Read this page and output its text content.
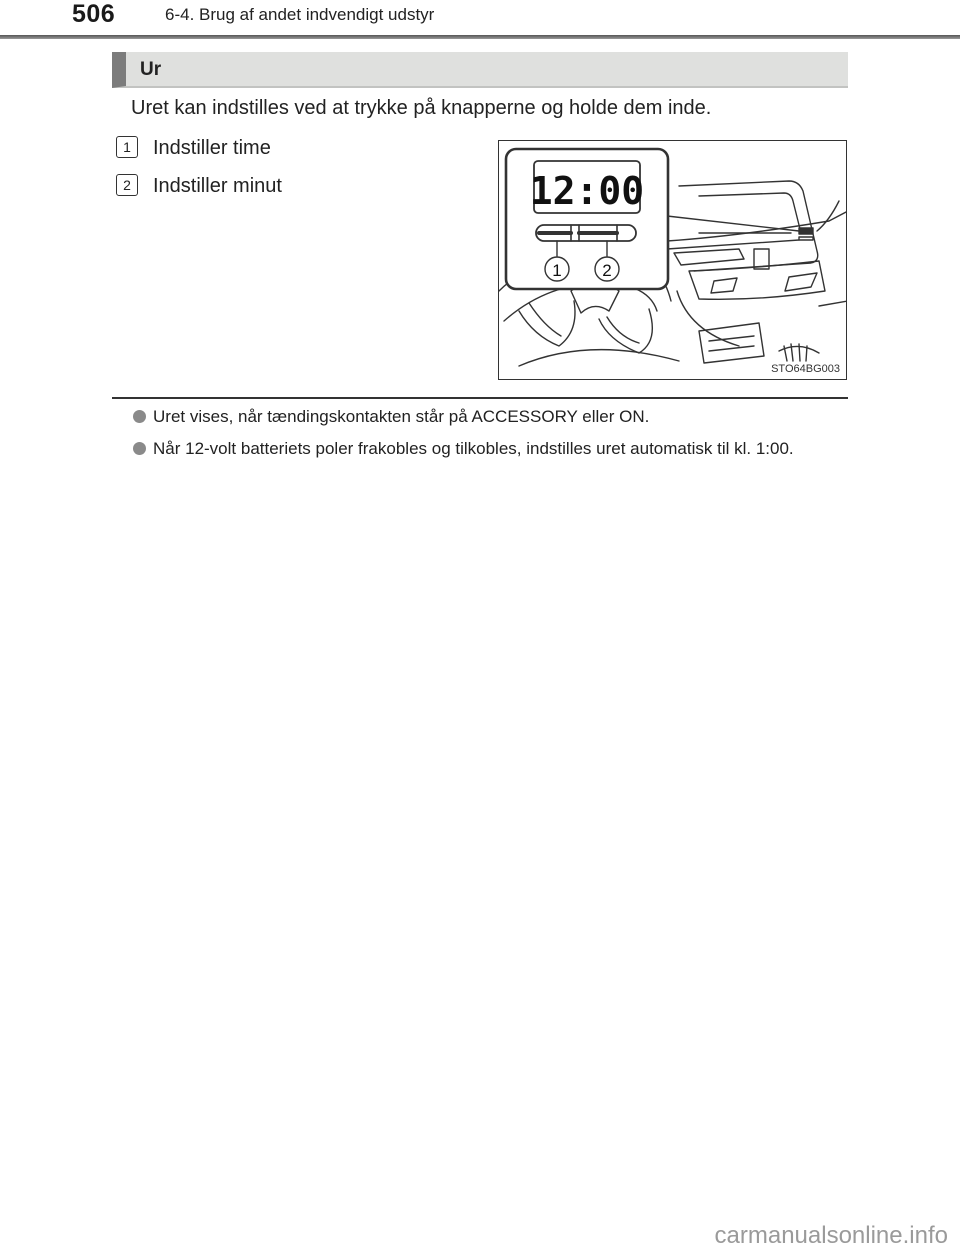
506	6-4. Brug af andet indvendigt udstyr
Ur
Uret kan indstilles ved at trykke på knapperne og holde dem inde.
1 Indstiller time
2 Indstiller minut	12:00
1 2
STO64BG003
Uret vises, når tændingskontakten står på ACCESSORY eller ON.
Når 12-volt batteriets poler frakobles og tilkobles, indstilles uret automatisk til kl. 1:00.
carmanualsonline.info
